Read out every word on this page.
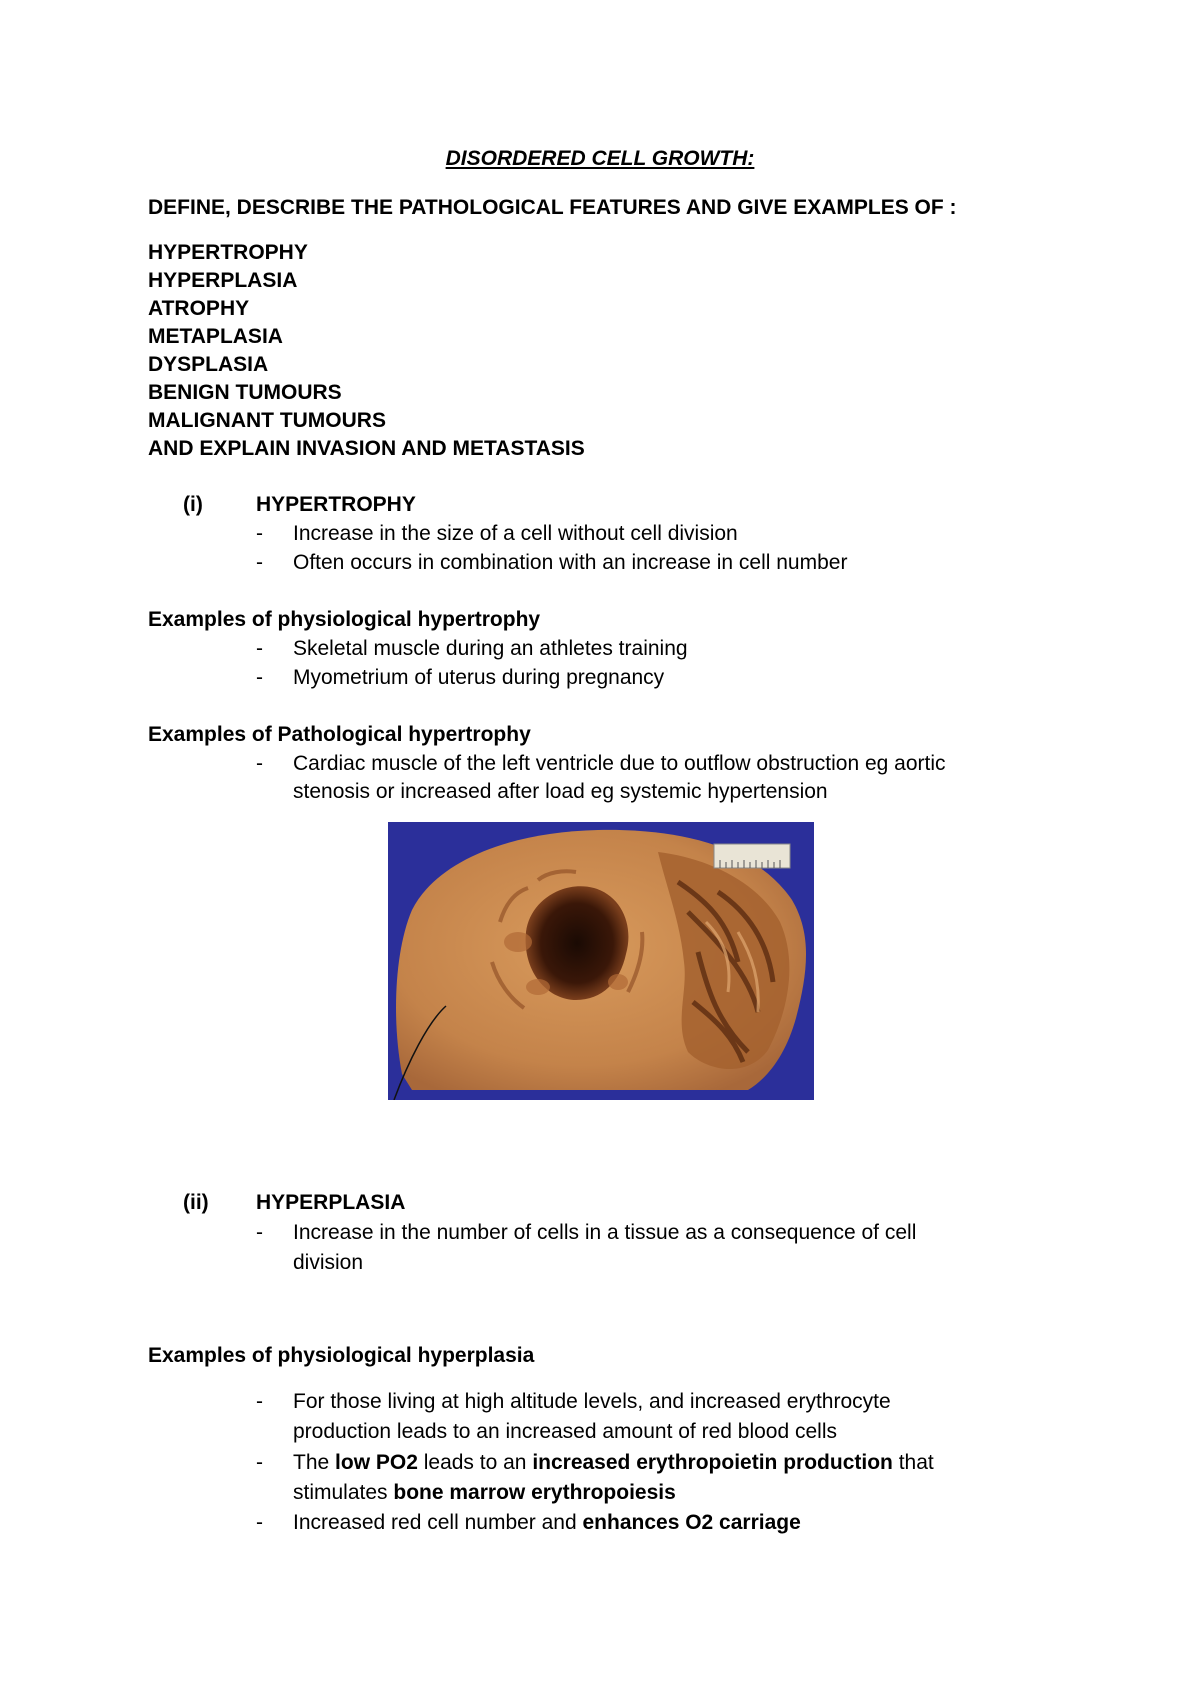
DISORDERED CELL GROWTH:
DEFINE, DESCRIBE THE PATHOLOGICAL FEATURES AND GIVE EXAMPLES OF :
HYPERTROPHY
HYPERPLASIA
ATROPHY
METAPLASIA
DYSPLASIA
BENIGN TUMOURS
MALIGNANT TUMOURS
AND EXPLAIN INVASION AND METASTASIS
(i)	HYPERTROPHY
- Increase in the size of a cell without cell division
- Often occurs in combination with an increase in cell number
Examples of physiological hypertrophy
- Skeletal muscle during an athletes training
- Myometrium of uterus during pregnancy
Examples of Pathological hypertrophy
- Cardiac muscle of the left ventricle due to outflow obstruction eg aortic
stenosis or increased after load eg systemic hypertension
(ii) HYPERPLASIA
- Increase in the number of cells in a tissue as a consequence of cell
division
Examples of physiological hyperplasia
- For those living at high altitude levels, and increased erythrocyte
production leads to an increased amount of red blood cells
- The low PO2 leads to an increased erythropoietin production that
stimulates bone marrow erythropoiesis
- Increased red cell number and enhances O2 carriage
